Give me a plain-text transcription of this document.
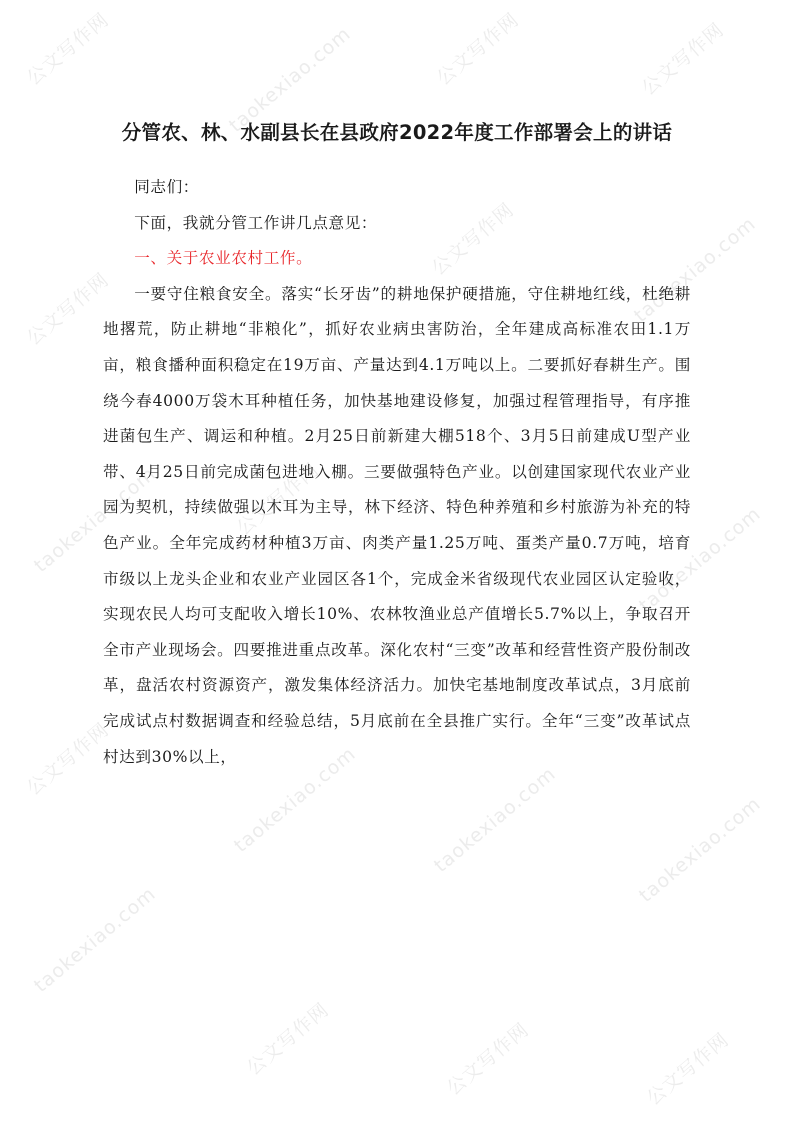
公文写作网	taokexiao.com	公文写作网	公文写作网
公文写作网
公文写作网	taokexiao.com
taokexiao.com	公文写作网
taokexiao.com
公文写作网	taokexiao.com	taokexiao.com	taokexiao.com
taokexiao.com
公文写作网	公文写作网	公文写作网
分管农、林、水副县长在县政府2022年度工作部署会上的讲话

同志们：

下面，我就分管工作讲几点意见：

一、关于农业农村工作。

一要守住粮食安全。落实“长牙齿”的耕地保护硬措施，守住耕地红线，杜绝耕地撂荒，防止耕地“非粮化”，抓好农业病虫害防治，全年建成高标准农田1.1万亩，粮食播种面积稳定在19万亩、产量达到4.1万吨以上。二要抓好春耕生产。围绕今春4000万袋木耳种植任务，加快基地建设修复，加强过程管理指导，有序推进菌包生产、调运和种植。2月25日前新建大棚518个、3月5日前建成U型产业带、4月25日前完成菌包进地入棚。三要做强特色产业。以创建国家现代农业产业园为契机，持续做强以木耳为主导，林下经济、特色种养殖和乡村旅游为补充的特色产业。全年完成药材种植3万亩、肉类产量1.25万吨、蛋类产量0.7万吨，培育市级以上龙头企业和农业产业园区各1个，完成金米省级现代农业园区认定验收，实现农民人均可支配收入增长10%、农林牧渔业总产值增长5.7%以上，争取召开全市产业现场会。四要推进重点改革。深化农村“三变”改革和经营性资产股份制改革，盘活农村资源资产，激发集体经济活力。加快宅基地制度改革试点，3月底前完成试点村数据调查和经验总结，5月底前在全县推广实行。全年“三变”改革试点村达到30%以上，
